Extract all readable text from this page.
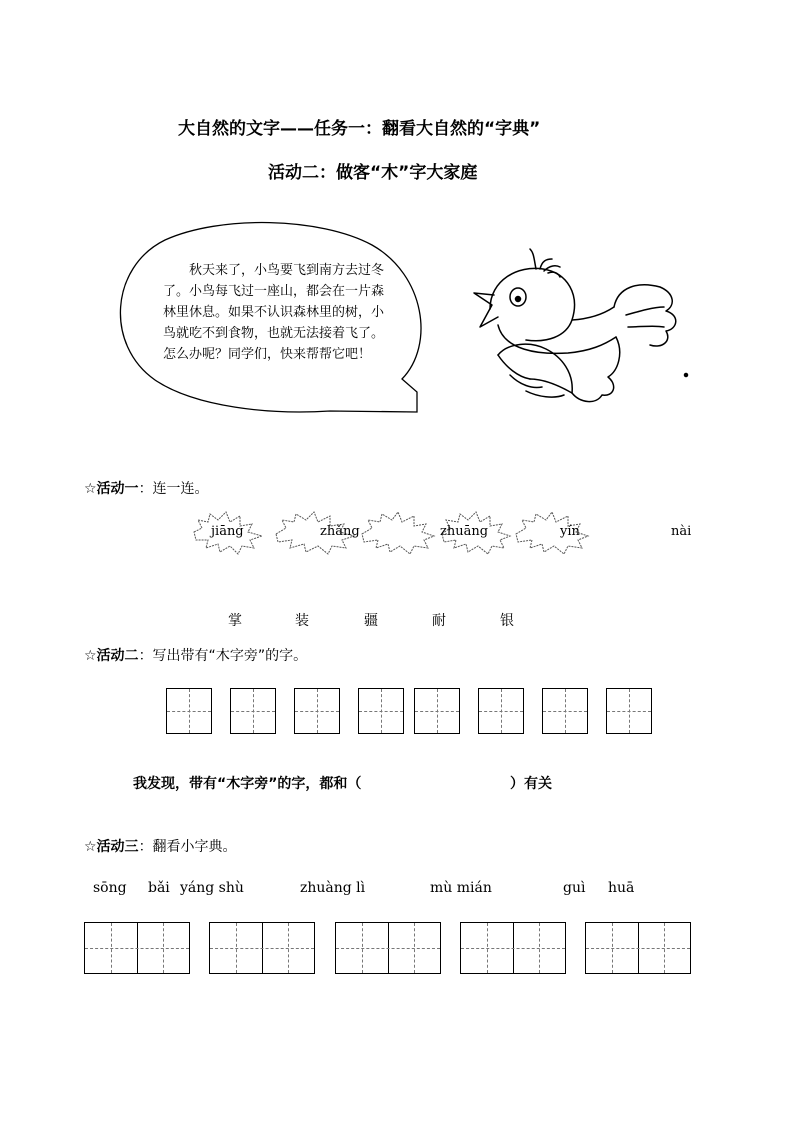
大自然的文字——任务一：翻看大自然的“字典”
活动二：做客“木”字大家庭
秋天来了，小鸟要飞到南方去过冬了。小鸟每飞过一座山，都会在一片森林里休息。如果不认识森林里的树，小鸟就吃不到食物，也就无法接着飞了。怎么办呢？同学们，快来帮帮它吧！
☆活动一：连一连。
jiāng	zhǎng	zhuāng	yín	nài
掌	装	疆	耐	银
☆活动二：写出带有“木字旁”的字。
我发现，带有“木字旁”的字，都和（	）有关
☆活动三：翻看小字典。
sōng bǎi yáng shù	zhuàng lì	mù mián	guì huā
